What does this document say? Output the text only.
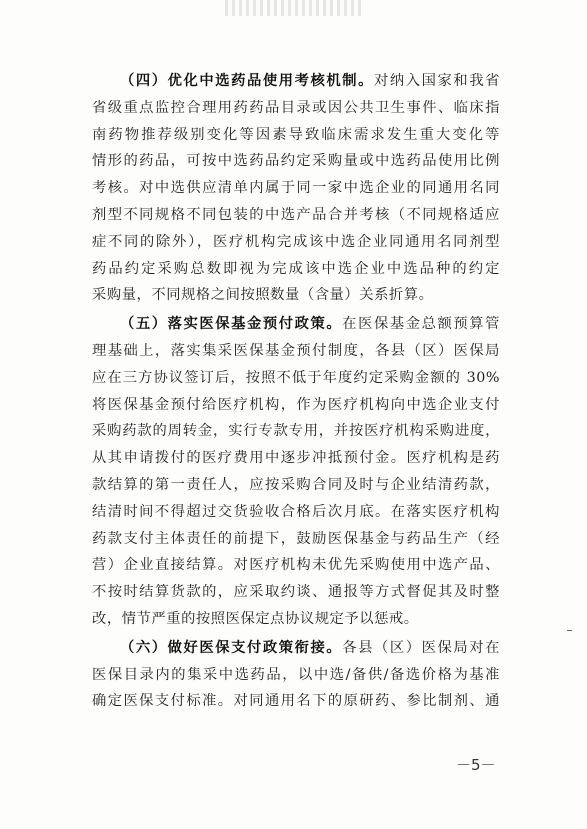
（四）优化中选药品使用考核机制。对纳入国家和我省
省级重点监控合理用药药品目录或因公共卫生事件、临床指
南药物推荐级别变化等因素导致临床需求发生重大变化等
情形的药品，可按中选药品约定采购量或中选药品使用比例
考核。对中选供应清单内属于同一家中选企业的同通用名同
剂型不同规格不同包装的中选产品合并考核（不同规格适应
症不同的除外），医疗机构完成该中选企业同通用名同剂型
药品约定采购总数即视为完成该中选企业中选品种的约定
采购量，不同规格之间按照数量（含量）关系折算。
（五）落实医保基金预付政策。在医保基金总额预算管
理基础上，落实集采医保基金预付制度，各县（区）医保局
应在三方协议签订后，按照不低于年度约定采购金额的 30%
将医保基金预付给医疗机构，作为医疗机构向中选企业支付
采购药款的周转金，实行专款专用，并按医疗机构采购进度，
从其申请拨付的医疗费用中逐步冲抵预付金。医疗机构是药
款结算的第一责任人，应按采购合同及时与企业结清药款，
结清时间不得超过交货验收合格后次月底。在落实医疗机构
药款支付主体责任的前提下，鼓励医保基金与药品生产（经
营）企业直接结算。对医疗机构未优先采购使用中选产品、
不按时结算货款的，应采取约谈、通报等方式督促其及时整
改，情节严重的按照医保定点协议规定予以惩戒。
（六）做好医保支付政策衔接。各县（区）医保局对在
医保目录内的集采中选药品，以中选/备供/备选价格为基准
确定医保支付标准。对同通用名下的原研药、参比制剂、通
－5－
